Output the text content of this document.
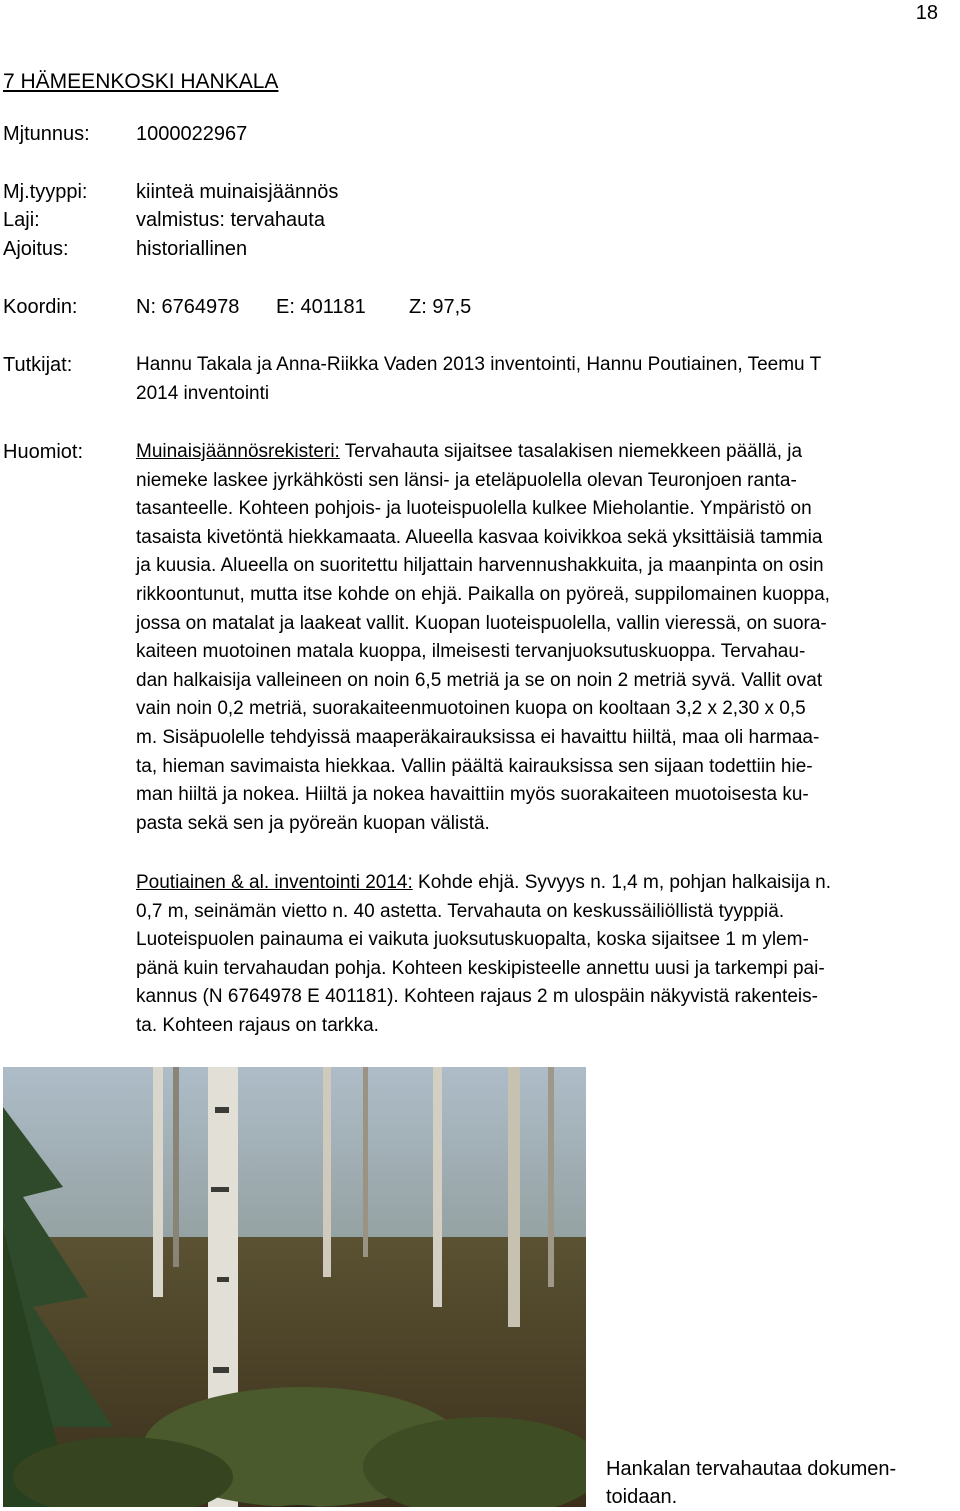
18
7 HÄMEENKOSKI HANKALA
Mjtunnus: 1000022967
Mj.tyyppi: kiinteä muinaisjäännös
Laji:	valmistus: tervahauta
Ajoitus:	historiallinen
Koordin:	N: 6764978 E: 401181 Z: 97,5
Tutkijat:	Hannu Takala ja Anna-Riikka Vaden 2013 inventointi, Hannu Poutiainen, Teemu T
2014 inventointi
Huomiot:	Muinaisjäännösrekisteri: Tervahauta sijaitsee tasalakisen niemekkeen päällä, ja
niemeke laskee jyrkähkösti sen länsi- ja eteläpuolella olevan Teuronjoen ranta-
tasanteelle. Kohteen pohjois- ja luoteispuolella kulkee Mieholantie. Ympäristö on
tasaista kivetöntä hiekkamaata. Alueella kasvaa koivikkoa sekä yksittäisiä tammia
ja kuusia. Alueella on suoritettu hiljattain harvennushakkuita, ja maanpinta on osin
rikkoontunut, mutta itse kohde on ehjä. Paikalla on pyöreä, suppilomainen kuoppa,
jossa on matalat ja laakeat vallit. Kuopan luoteispuolella, vallin vieressä, on suora-
kaiteen muotoinen matala kuoppa, ilmeisesti tervanjuoksutuskuoppa. Tervahau-
dan halkaisija valleineen on noin 6,5 metriä ja se on noin 2 metriä syvä. Vallit ovat
vain noin 0,2 metriä, suorakaiteenmuotoinen kuopa on kooltaan 3,2 x 2,30 x 0,5
m. Sisäpuolelle tehdyissä maaperäkairauksissa ei havaittu hiiltä, maa oli harmaa-
ta, hieman savimaista hiekkaa. Vallin päältä kairauksissa sen sijaan todettiin hie-
man hiiltä ja nokea. Hiiltä ja nokea havaittiin myös suorakaiteen muotoisesta ku-
pasta sekä sen ja pyöreän kuopan välistä.
Poutiainen & al. inventointi 2014: Kohde ehjä. Syvyys n. 1,4 m, pohjan halkaisija n.
0,7 m, seinämän vietto n. 40 astetta. Tervahauta on keskussäiliöllistä tyyppiä.
Luoteispuolen painauma ei vaikuta juoksutuskuopalta, koska sijaitsee 1 m ylem-
pänä kuin tervahaudan pohja. Kohteen keskipisteelle annettu uusi ja tarkempi pai-
kannus (N 6764978 E 401181). Kohteen rajaus 2 m ulospäin näkyvistä rakenteis-
ta. Kohteen rajaus on tarkka.
Hankalan tervahautaa dokumen-
toidaan.
